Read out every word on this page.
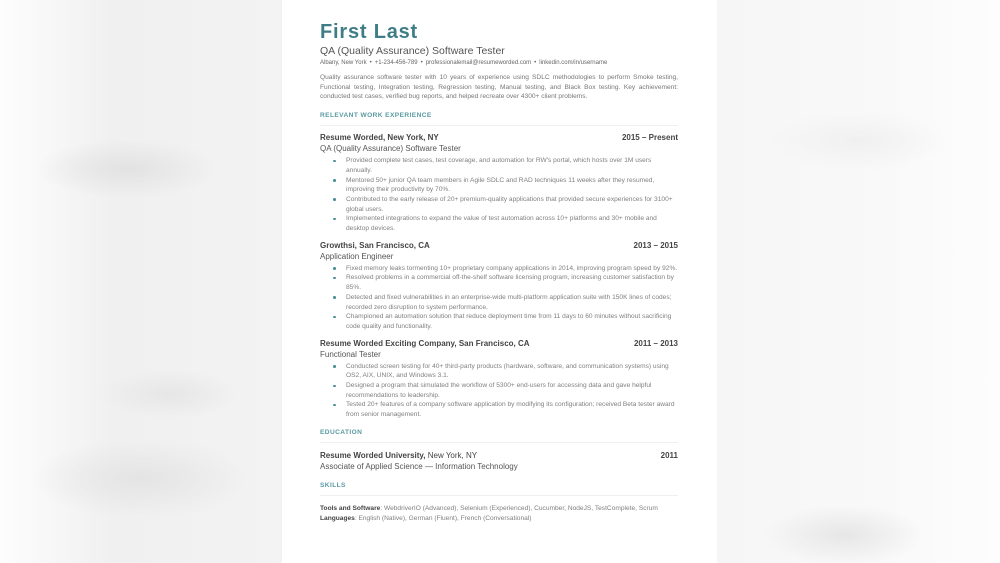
First Last
QA (Quality Assurance) Software Tester
Albany, New York • +1-234-456-789 • professionalemail@resumeworded.com • linkedin.com/in/username
Quality assurance software tester with 10 years of experience using SDLC methodologies to perform Smoke testing, Functional testing, Integration testing, Regression testing, Manual testing, and Black Box testing. Key achievement: conducted test cases, verified bug reports, and helped recreate over 4300+ client problems.
RELEVANT WORK EXPERIENCE
Resume Worded, New York, NY	2015 – Present
QA (Quality Assurance) Software Tester
Provided complete test cases, test coverage, and automation for RW's portal, which hosts over 1M users annually.
Mentored 50+ junior QA team members in Agile SDLC and RAD techniques 11 weeks after they resumed, improving their productivity by 70%.
Contributed to the early release of 20+ premium-quality applications that provided secure experiences for 3100+ global users.
Implemented integrations to expand the value of test automation across 10+ platforms and 30+ mobile and desktop devices.
Growthsi, San Francisco, CA	2013 – 2015
Application Engineer
Fixed memory leaks tormenting 10+ proprietary company applications in 2014, improving program speed by 92%.
Resolved problems in a commercial off-the-shelf software licensing program, increasing customer satisfaction by 85%.
Detected and fixed vulnerabilities in an enterprise-wide multi-platform application suite with 150K lines of codes; recorded zero disruption to system performance.
Championed an automation solution that reduce deployment time from 11 days to 60 minutes without sacrificing code quality and functionality.
Resume Worded Exciting Company, San Francisco, CA	2011 – 2013
Functional Tester
Conducted screen testing for 40+ third-party products (hardware, software, and communication systems) using OS2, AIX, UNIX, and Windows 3.1.
Designed a program that simulated the workflow of 5300+ end-users for accessing data and gave helpful recommendations to leadership.
Tested 20+ features of a company software application by modifying its configuration; received Beta tester award from senior management.
EDUCATION
Resume Worded University, New York, NY	2011
Associate of Applied Science — Information Technology
SKILLS
Tools and Software: WebdriverIO (Advanced), Selenium (Experienced), Cucumber, NodeJS, TestComplete, Scrum
Languages: English (Native), German (Fluent), French (Conversational)
